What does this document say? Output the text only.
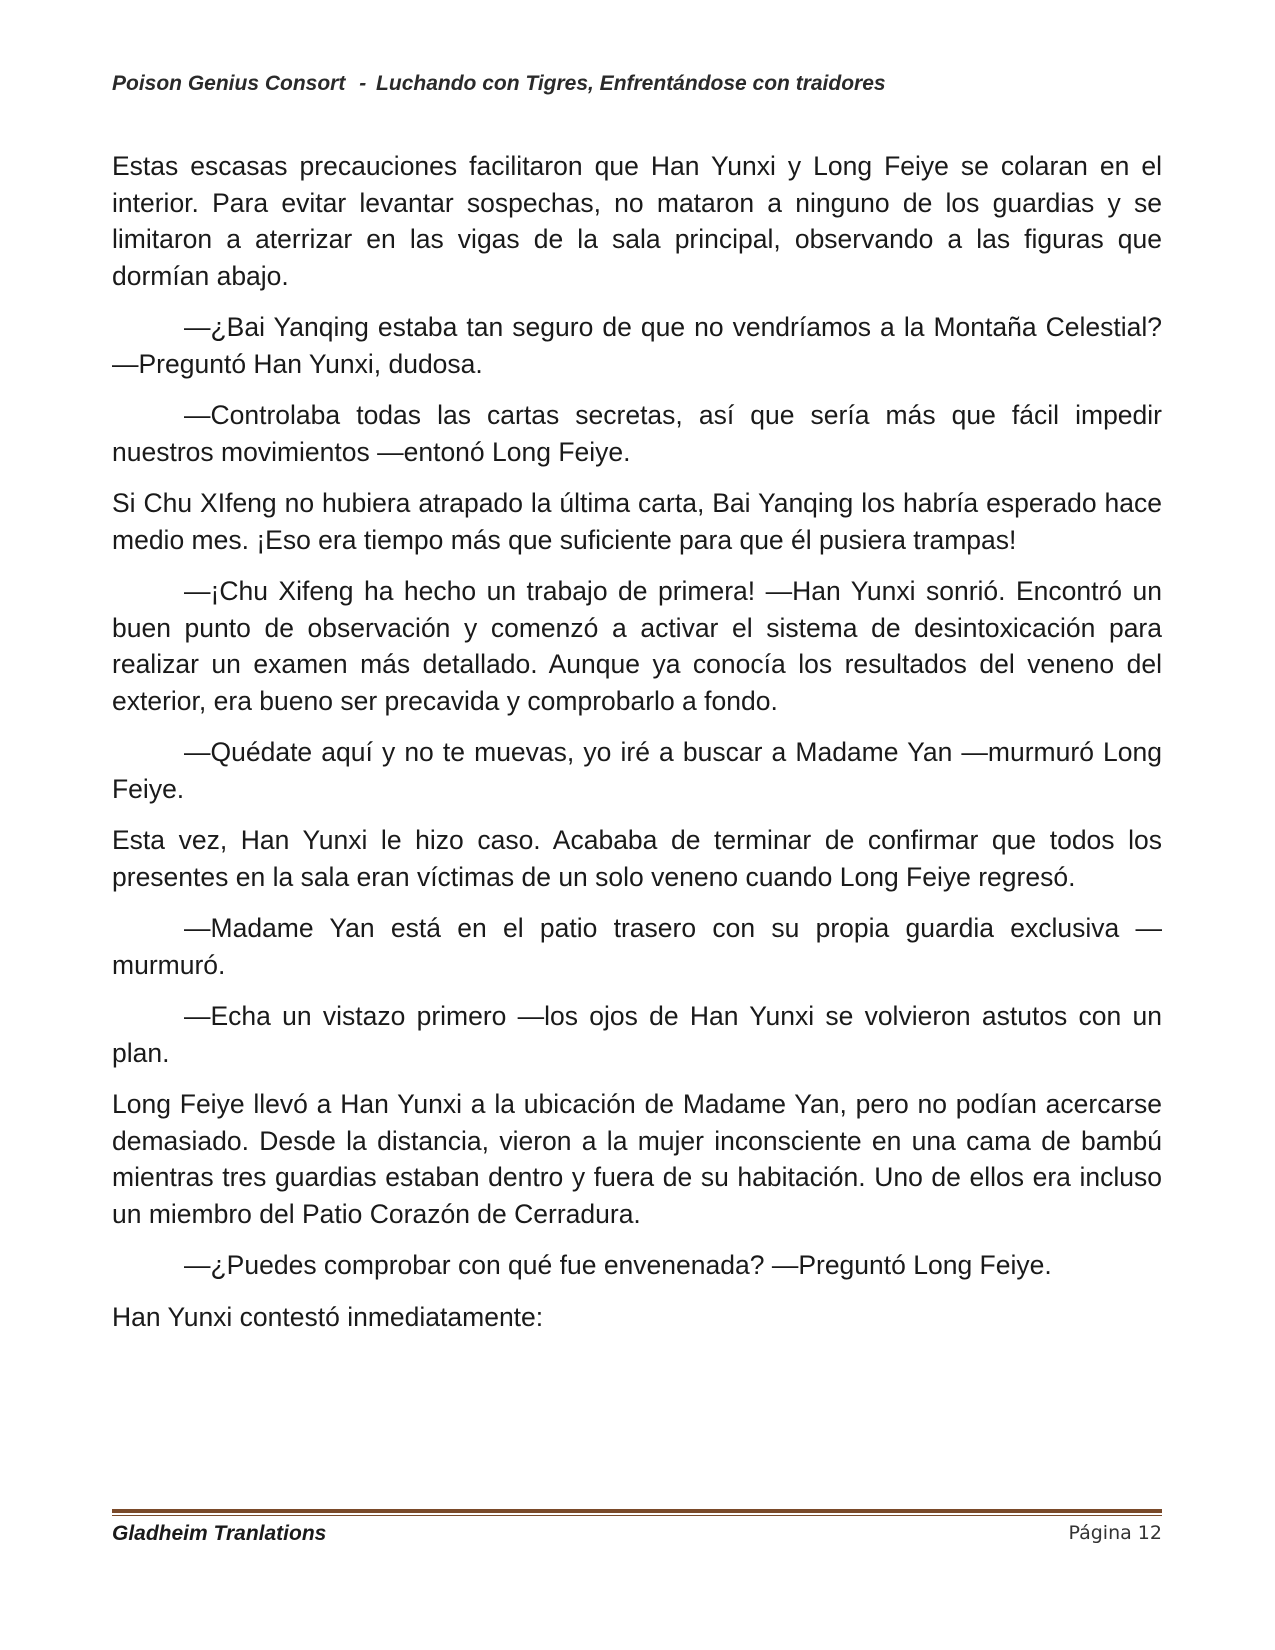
Poison Genius Consort - Luchando con Tigres, Enfrentándose con traidores

Estas escasas precauciones facilitaron que Han Yunxi y Long Feiye se colaran en el interior. Para evitar levantar sospechas, no mataron a ninguno de los guardias y se limitaron a aterrizar en las vigas de la sala principal, observando a las figuras que dormían abajo.

—¿Bai Yanqing estaba tan seguro de que no vendríamos a la Montaña Celestial? —Preguntó Han Yunxi, dudosa.

—Controlaba todas las cartas secretas, así que sería más que fácil impedir nuestros movimientos —entonó Long Feiye.

Si Chu XIfeng no hubiera atrapado la última carta, Bai Yanqing los habría esperado hace medio mes. ¡Eso era tiempo más que suficiente para que él pusiera trampas!

—¡Chu Xifeng ha hecho un trabajo de primera! —Han Yunxi sonrió. Encontró un buen punto de observación y comenzó a activar el sistema de desintoxicación para realizar un examen más detallado. Aunque ya conocía los resultados del veneno del exterior, era bueno ser precavida y comprobarlo a fondo.

—Quédate aquí y no te muevas, yo iré a buscar a Madame Yan —murmuró Long Feiye.

Esta vez, Han Yunxi le hizo caso. Acababa de terminar de confirmar que todos los presentes en la sala eran víctimas de un solo veneno cuando Long Feiye regresó.

—Madame Yan está en el patio trasero con su propia guardia exclusiva —murmuró.

—Echa un vistazo primero —los ojos de Han Yunxi se volvieron astutos con un plan.

Long Feiye llevó a Han Yunxi a la ubicación de Madame Yan, pero no podían acercarse demasiado. Desde la distancia, vieron a la mujer inconsciente en una cama de bambú mientras tres guardias estaban dentro y fuera de su habitación. Uno de ellos era incluso un miembro del Patio Corazón de Cerradura.

—¿Puedes comprobar con qué fue envenenada? —Preguntó Long Feiye.

Han Yunxi contestó inmediatamente:

Gladheim Tranlations	Página 12
